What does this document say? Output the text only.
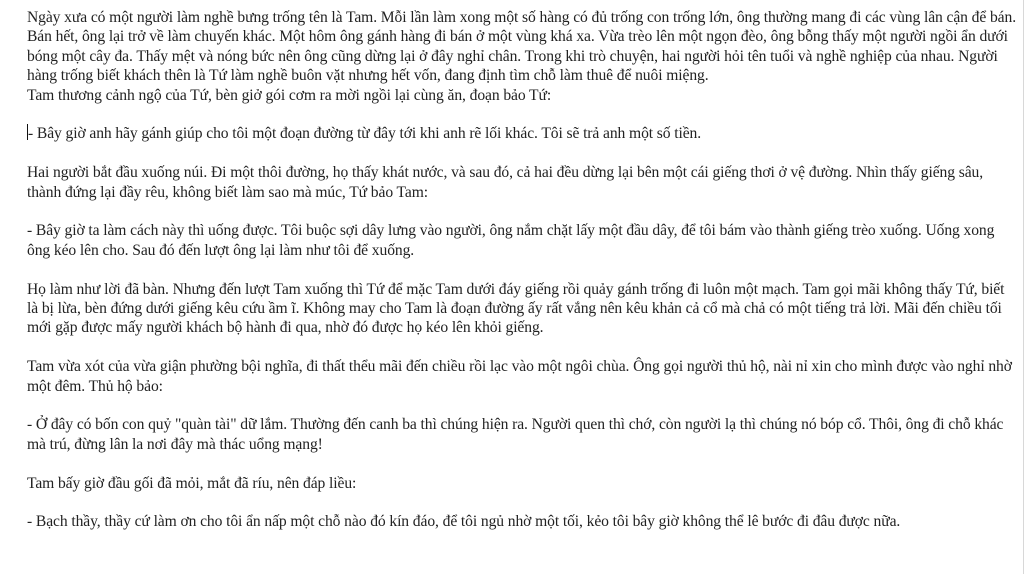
Ngày xưa có một người làm nghề bưng trống tên là Tam. Mỗi lần làm xong một số hàng có đủ trống con trống lớn, ông thường mang đi các vùng lân cận để bán. Bán hết, ông lại trở về làm chuyến khác. Một hôm ông gánh hàng đi bán ở một vùng khá xa. Vừa trèo lên một ngọn đèo, ông bỗng thấy một người ngồi ẩn dưới bóng một cây đa. Thấy mệt và nóng bức nên ông cũng dừng lại ở đây nghỉ chân. Trong khi trò chuyện, hai người hỏi tên tuổi và nghề nghiệp của nhau. Người hàng trống biết khách thên là Tứ làm nghề buôn vặt nhưng hết vốn, đang định tìm chỗ làm thuê để nuôi miệng.

Tam thương cảnh ngộ của Tứ, bèn giở gói cơm ra mời ngồi lại cùng ăn, đoạn bảo Tứ:

- Bây giờ anh hãy gánh giúp cho tôi một đoạn đường từ đây tới khi anh rẽ lối khác. Tôi sẽ trả anh một số tiền.

Hai người bắt đầu xuống núi. Đi một thôi đường, họ thấy khát nước, và sau đó, cả hai đều dừng lại bên một cái giếng thơi ở vệ đường. Nhìn thấy giếng sâu, thành đứng lại đầy rêu, không biết làm sao mà múc, Tứ bảo Tam:

- Bây giờ ta làm cách này thì uống được. Tôi buộc sợi dây lưng vào người, ông nắm chặt lấy một đầu dây, để tôi bám vào thành giếng trèo xuống. Uống xong ông kéo lên cho. Sau đó đến lượt ông lại làm như tôi để xuống.

Họ làm như lời đã bàn. Nhưng đến lượt Tam xuống thì Tứ để mặc Tam dưới đáy giếng rồi quảy gánh trống đi luôn một mạch. Tam gọi mãi không thấy Tứ, biết là bị lừa, bèn đứng dưới giếng kêu cứu ầm ĩ. Không may cho Tam là đoạn đường ấy rất vắng nên kêu khản cả cổ mà chả có một tiếng trả lời. Mãi đến chiều tối mới gặp được mấy người khách bộ hành đi qua, nhờ đó được họ kéo lên khỏi giếng.

Tam vừa xót của vừa giận phường bội nghĩa, đi thất thểu mãi đến chiều rồi lạc vào một ngôi chùa. Ông gọi người thủ hộ, nài nỉ xin cho mình được vào nghỉ nhờ một đêm. Thủ hộ bảo:

- Ở đây có bốn con quỷ "quàn tài" dữ lắm. Thường đến canh ba thì chúng hiện ra. Người quen thì chớ, còn người lạ thì chúng nó bóp cổ. Thôi, ông đi chỗ khác mà trú, đừng lân la nơi đây mà thác uổng mạng!

Tam bấy giờ đầu gối đã mỏi, mắt đã ríu, nên đáp liều:

- Bạch thầy, thầy cứ làm ơn cho tôi ẩn nấp một chỗ nào đó kín đáo, để tôi ngủ nhờ một tối, kẻo tôi bây giờ không thể lê bước đi đâu được nữa.
